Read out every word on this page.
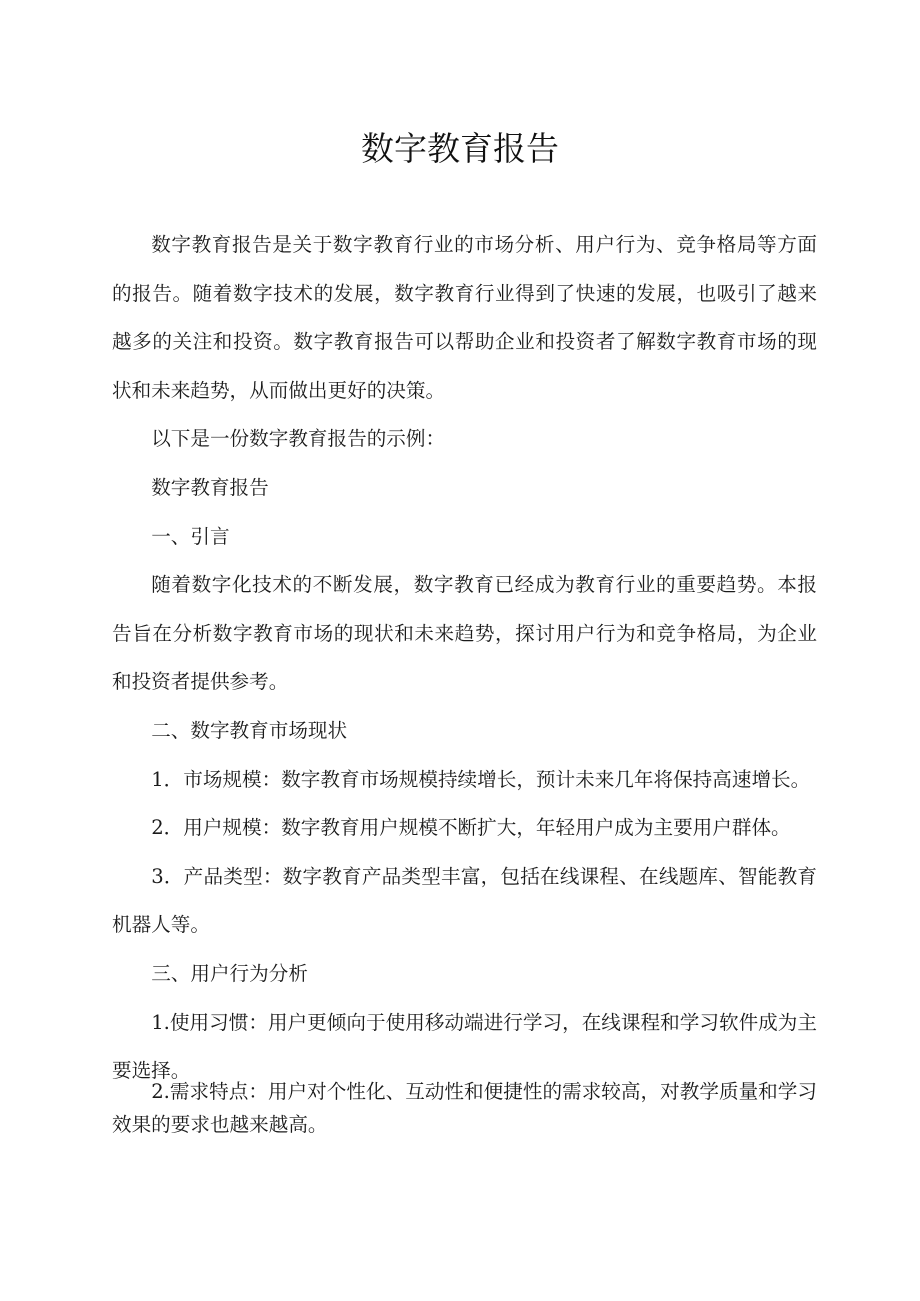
数字教育报告

数字教育报告是关于数字教育行业的市场分析、用户行为、竞争格局等方面的报告。随着数字技术的发展，数字教育行业得到了快速的发展，也吸引了越来越多的关注和投资。数字教育报告可以帮助企业和投资者了解数字教育市场的现状和未来趋势，从而做出更好的决策。

以下是一份数字教育报告的示例：

数字教育报告

一、引言

随着数字化技术的不断发展，数字教育已经成为教育行业的重要趋势。本报告旨在分析数字教育市场的现状和未来趋势，探讨用户行为和竞争格局，为企业和投资者提供参考。

二、数字教育市场现状

1．市场规模：数字教育市场规模持续增长，预计未来几年将保持高速增长。

2．用户规模：数字教育用户规模不断扩大，年轻用户成为主要用户群体。

3．产品类型：数字教育产品类型丰富，包括在线课程、在线题库、智能教育机器人等。

三、用户行为分析

1.使用习惯：用户更倾向于使用移动端进行学习，在线课程和学习软件成为主要选择。

2.需求特点：用户对个性化、互动性和便捷性的需求较高，对教学质量和学习效果的要求也越来越高。
